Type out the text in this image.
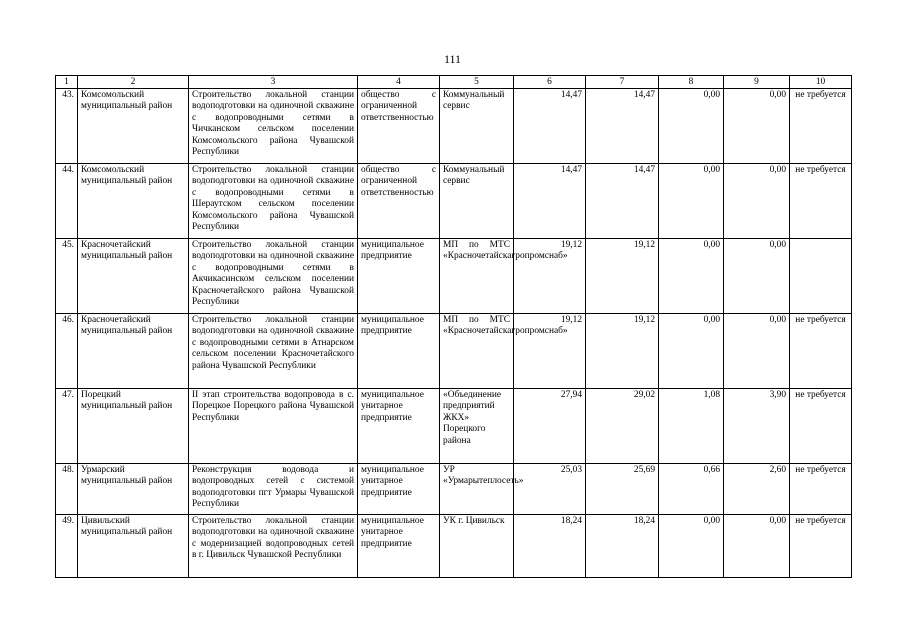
111
1	2	3	4	5	6	7	8	9	10
43.	Комсомольский муниципальный район	Строительство локальной станции водоподготовки на одиночной скважине с водопроводными сетями в Чичканском сельском поселении Комсомольского района Чувашской Республики	общество с ограниченной ответственностью	Коммунальный сервис	14,47	14,47	0,00	0,00	не требуется
44.	Комсомольский муниципальный район	Строительство локальной станции водоподготовки на одиночной скважине с водопроводными сетями в Шераутском сельском поселении Комсомольского района Чувашской Республики	общество с ограниченной ответственностью	Коммунальный сервис	14,47	14,47	0,00	0,00	не требуется
45.	Красночетайский муниципальный район	Строительство локальной станции водоподготовки на одиночной скважине с водопроводными сетями в Акчикасинском сельском поселении Красночетайского района Чувашской Республики	муниципальное предприятие	МП по МТС «Красночетайскагропромснаб»	19,12	19,12	0,00	0,00	
46.	Красночетайский муниципальный район	Строительство локальной станции водоподготовки на одиночной скважине с водопроводными сетями в Атнарском сельском поселении Красночетайского района Чувашской Республики	муниципальное предприятие	МП по МТС «Красночетайскагропромснаб»	19,12	19,12	0,00	0,00	не требуется
47.	Порецкий муниципальный район	II этап строительства водопровода в с. Порецкое Порецкого района Чувашской Республики	муниципальное унитарное предприятие	«Объединение предприятий ЖКХ» Порецкого района	27,94	29,02	1,08	3,90	не требуется
48.	Урмарский муниципальный район	Реконструкция водовода и водопроводных сетей с системой водоподготовки пгт Урмары Чувашской Республики	муниципальное унитарное предприятие	УР «Урмарытеплосеть»	25,03	25,69	0,66	2,60	не требуется
49.	Цивильский муниципальный район	Строительство локальной станции водоподготовки на одиночной скважине с модернизацией водопроводных сетей в г. Цивильск Чувашской Республики	муниципальное унитарное предприятие	УК г. Цивильск	18,24	18,24	0,00	0,00	не требуется
